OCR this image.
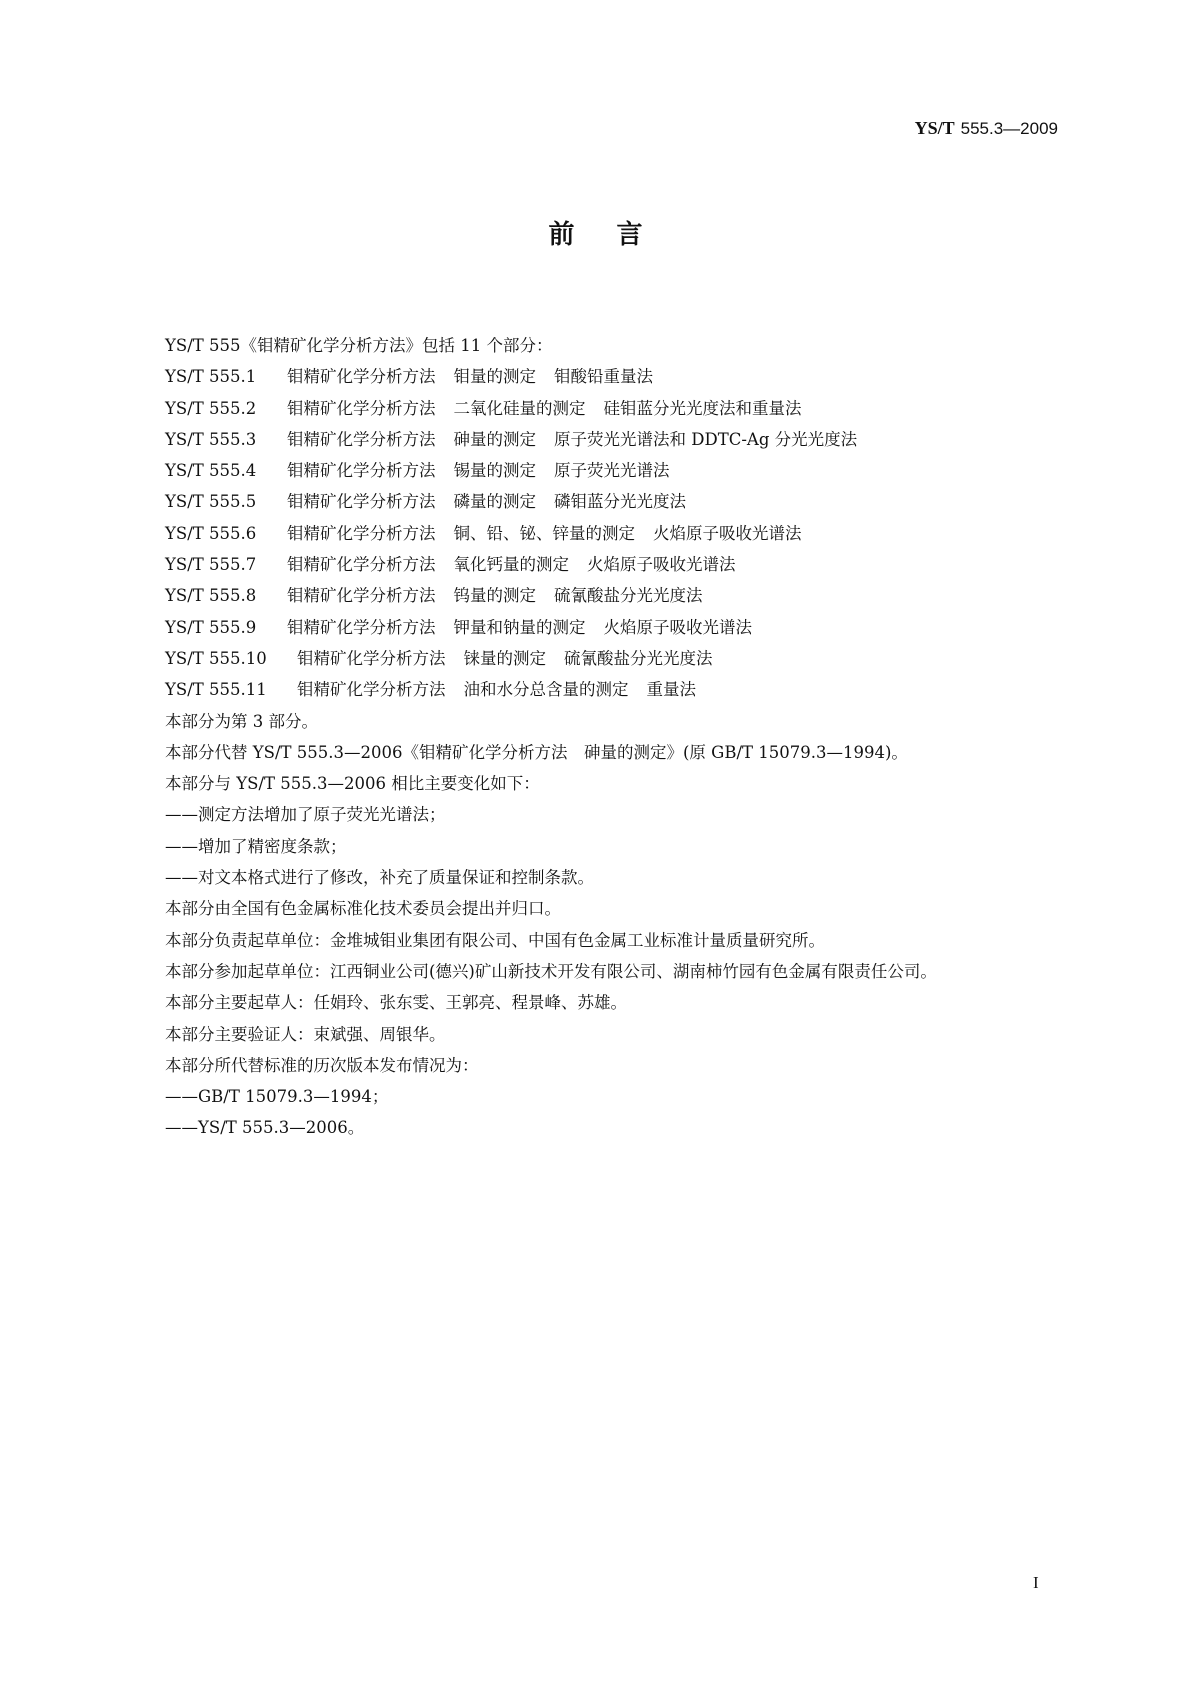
YS/T 555.3—2009
前言
YS/T 555《钼精矿化学分析方法》包括 11 个部分：
YS/T 555.1 钼精矿化学分析方法 钼量的测定 钼酸铅重量法
YS/T 555.2 钼精矿化学分析方法 二氧化硅量的测定 硅钼蓝分光光度法和重量法
YS/T 555.3 钼精矿化学分析方法 砷量的测定 原子荧光光谱法和 DDTC-Ag 分光光度法
YS/T 555.4 钼精矿化学分析方法 锡量的测定 原子荧光光谱法
YS/T 555.5 钼精矿化学分析方法 磷量的测定 磷钼蓝分光光度法
YS/T 555.6 钼精矿化学分析方法 铜、铅、铋、锌量的测定 火焰原子吸收光谱法
YS/T 555.7 钼精矿化学分析方法 氧化钙量的测定 火焰原子吸收光谱法
YS/T 555.8 钼精矿化学分析方法 钨量的测定 硫氰酸盐分光光度法
YS/T 555.9 钼精矿化学分析方法 钾量和钠量的测定 火焰原子吸收光谱法
YS/T 555.10 钼精矿化学分析方法 铼量的测定 硫氰酸盐分光光度法
YS/T 555.11 钼精矿化学分析方法 油和水分总含量的测定 重量法
本部分为第 3 部分。
本部分代替 YS/T 555.3—2006《钼精矿化学分析方法　砷量的测定》(原 GB/T 15079.3—1994)。
本部分与 YS/T 555.3—2006 相比主要变化如下：
——测定方法增加了原子荧光光谱法；
——增加了精密度条款；
——对文本格式进行了修改，补充了质量保证和控制条款。
本部分由全国有色金属标准化技术委员会提出并归口。
本部分负责起草单位：金堆城钼业集团有限公司、中国有色金属工业标准计量质量研究所。
本部分参加起草单位：江西铜业公司(德兴)矿山新技术开发有限公司、湖南柿竹园有色金属有限责任公司。
本部分主要起草人：任娟玲、张东雯、王郭亮、程景峰、苏雄。
本部分主要验证人：束斌强、周银华。
本部分所代替标准的历次版本发布情况为：
——GB/T 15079.3—1994；
——YS/T 555.3—2006。
I
